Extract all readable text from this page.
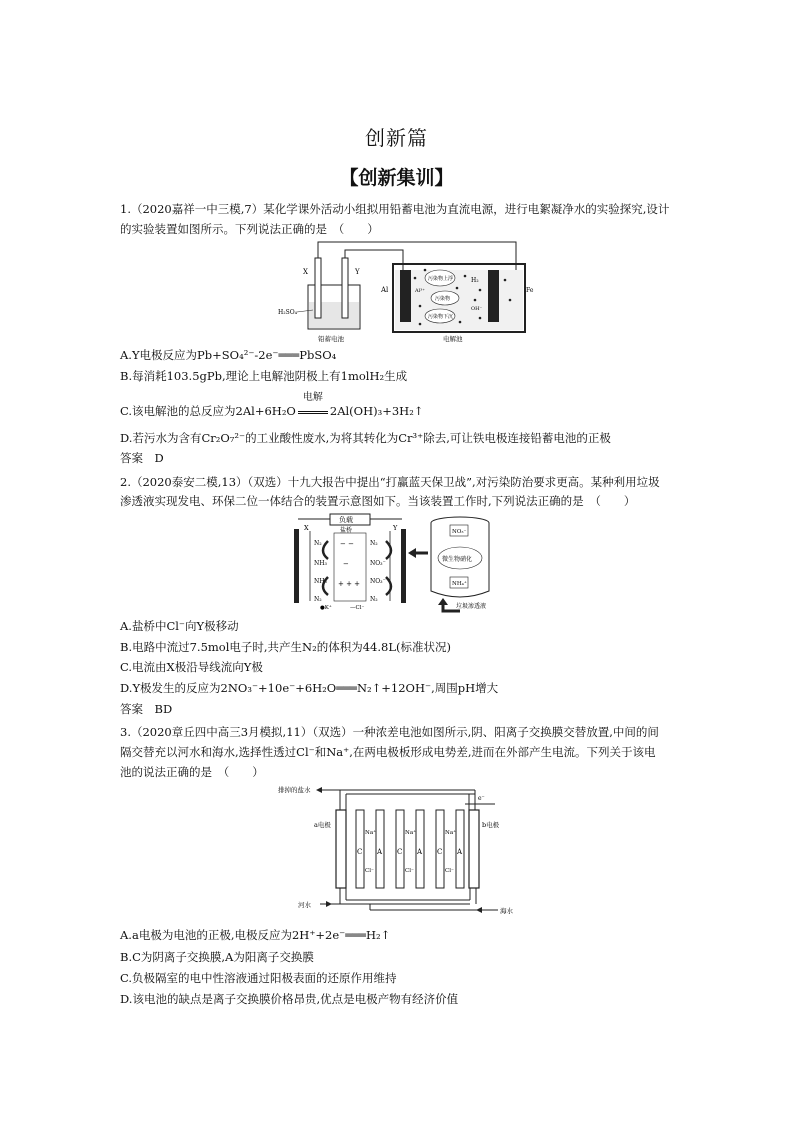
创新篇
【创新集训】
1.（2020嘉祥一中三模,7）某化学课外活动小组拟用铅蓄电池为直流电源，进行电絮凝净水的实验探究,设计
的实验装置如图所示。下列说法正确的是　（　　）
X	Y
H₂SO₄
铅蓄电池
Al	Fe
污染物上浮
污染物
污染物下沉
Al³⁺
H₂
OH⁻
电解池
A.Y电极反应为Pb+SO₄²⁻-2e⁻═══PbSO₄
B.每消耗103.5gPb,理论上电解池阴极上有1molH₂生成
C.该电解池的总反应为2Al+6H₂O
电解
2Al(OH)₃+3H₂↑
D.若污水为含有Cr₂O₇²⁻的工业酸性废水,为将其转化为Cr³⁺除去,可让铁电极连接铅蓄电池的正极
答案　D
2.（2020泰安二模,13）（双选）十九大报告中提出“打赢蓝天保卫战”,对污染防治要求更高。某种利用垃圾
渗透液实现发电、环保二位一体结合的装置示意图如下。当该装置工作时,下列说法正确的是　（　　）
负载
X	Y
盐桥
− −
−
+ + +
N₂
NH₃
NH₃
N₂
N₂
NO₃⁻
NO₃⁻
N₂
●K⁺	—Cl⁻
NO₃⁻
微生物硝化
NH₄⁺
垃圾渗透液
A.盐桥中Cl⁻向Y极移动
B.电路中流过7.5mol电子时,共产生N₂的体积为44.8L(标准状况)
C.电流由X极沿导线流向Y极
D.Y极发生的反应为2NO₃⁻+10e⁻+6H₂O═══N₂↑+12OH⁻,周围pH增大
答案　BD
3.（2020章丘四中高三3月模拟,11）（双选）一种浓差电池如图所示,阴、阳离子交换膜交替放置,中间的间
隔交替充以河水和海水,选择性透过Cl⁻和Na⁺,在两电极板形成电势差,进而在外部产生电流。下列关于该电
池的说法正确的是　（　　）
排掉的盐水
e⁻
a电极	b电极
C A C A C A
Na⁺	Na⁺	Na⁺
Cl⁻	Cl⁻	Cl⁻
河水
海水
A.a电极为电池的正极,电极反应为2H⁺+2e⁻═══H₂↑
B.C为阴离子交换膜,A为阳离子交换膜
C.负极隔室的电中性溶液通过阳极表面的还原作用维持
D.该电池的缺点是离子交换膜价格昂贵,优点是电极产物有经济价值
